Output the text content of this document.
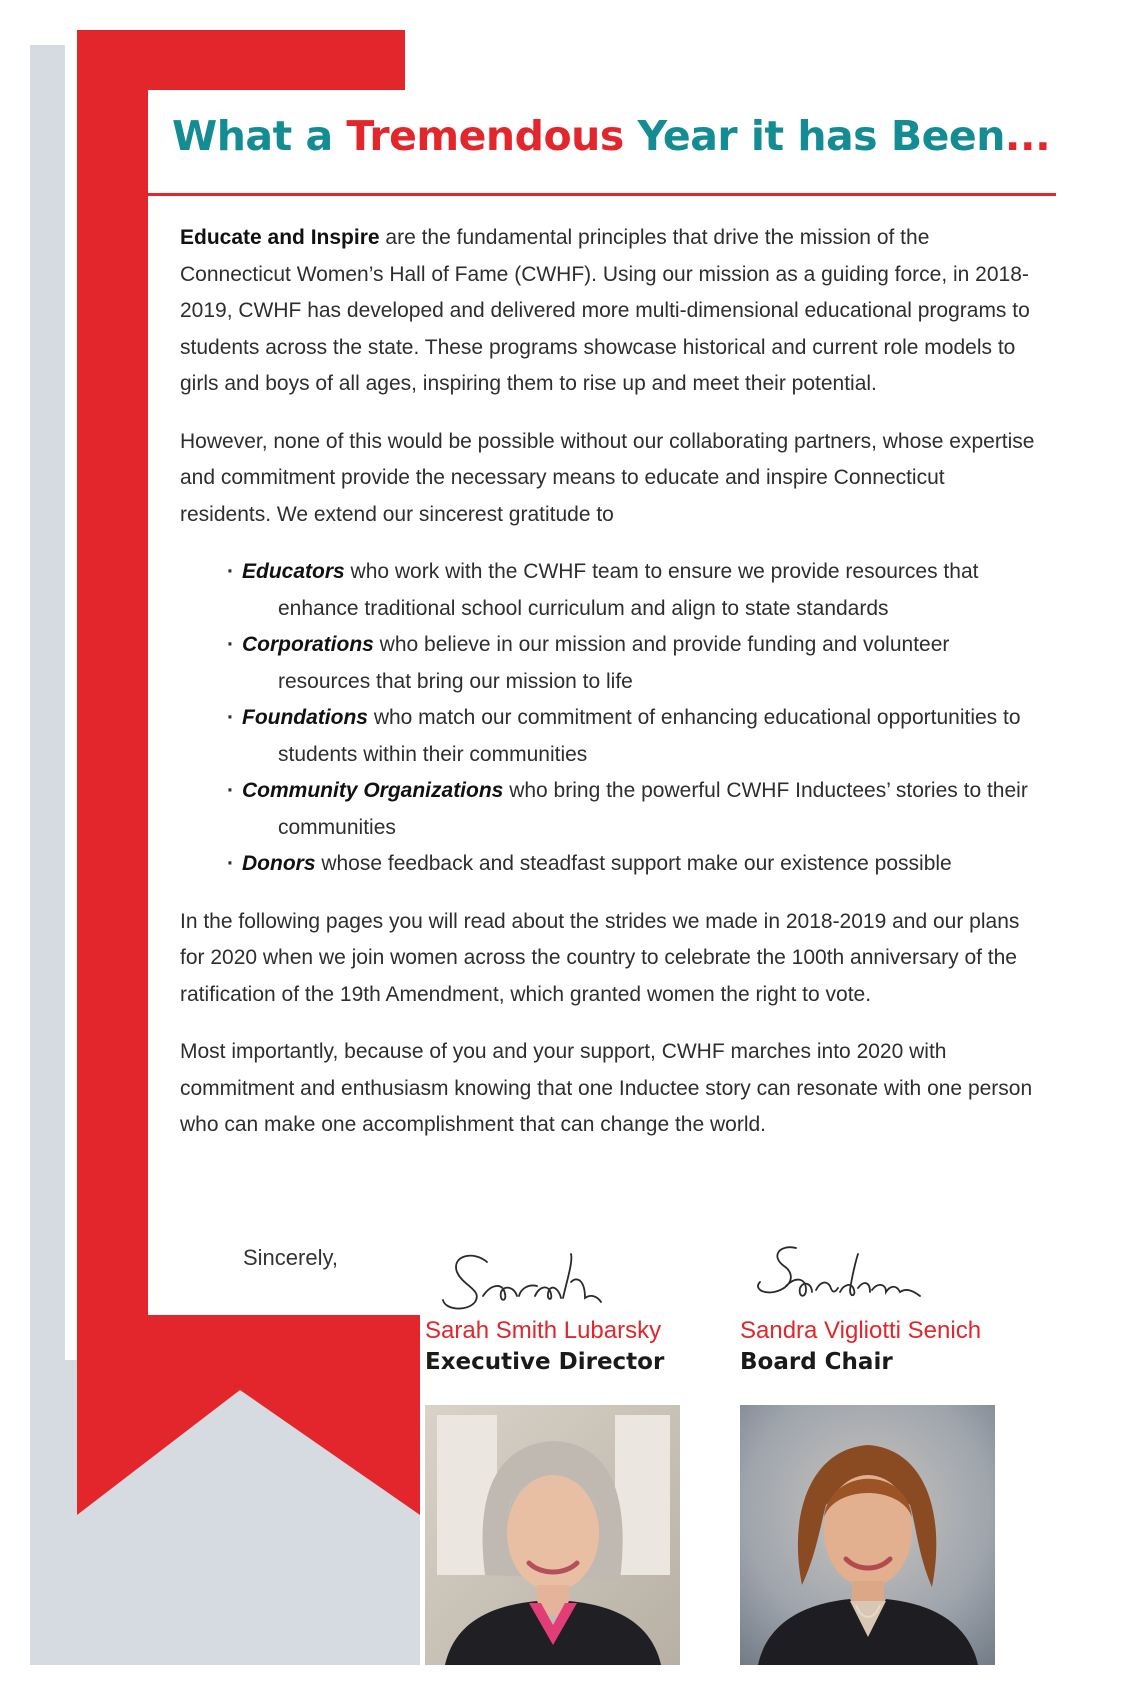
What a Tremendous Year it has Been...

Educate and Inspire are the fundamental principles that drive the mission of the Connecticut Women’s Hall of Fame (CWHF). Using our mission as a guiding force, in 2018-2019, CWHF has developed and delivered more multi-dimensional educational programs to students across the state. These programs showcase historical and current role models to girls and boys of all ages, inspiring them to rise up and meet their potential.

However, none of this would be possible without our collaborating partners, whose expertise and commitment provide the necessary means to educate and inspire Connecticut residents. We extend our sincerest gratitude to

· Educators who work with the CWHF team to ensure we provide resources that enhance traditional school curriculum and align to state standards
· Corporations who believe in our mission and provide funding and volunteer resources that bring our mission to life
· Foundations who match our commitment of enhancing educational opportunities to students within their communities
· Community Organizations who bring the powerful CWHF Inductees’ stories to their communities
· Donors whose feedback and steadfast support make our existence possible

In the following pages you will read about the strides we made in 2018-2019 and our plans for 2020 when we join women across the country to celebrate the 100th anniversary of the ratification of the 19th Amendment, which granted women the right to vote.

Most importantly, because of you and your support, CWHF marches into 2020 with commitment and enthusiasm knowing that one Inductee story can resonate with one person who can make one accomplishment that can change the world.

Sincerely,
Sarah Smith Lubarsky
Executive Director
Sandra Vigliotti Senich
Board Chair
